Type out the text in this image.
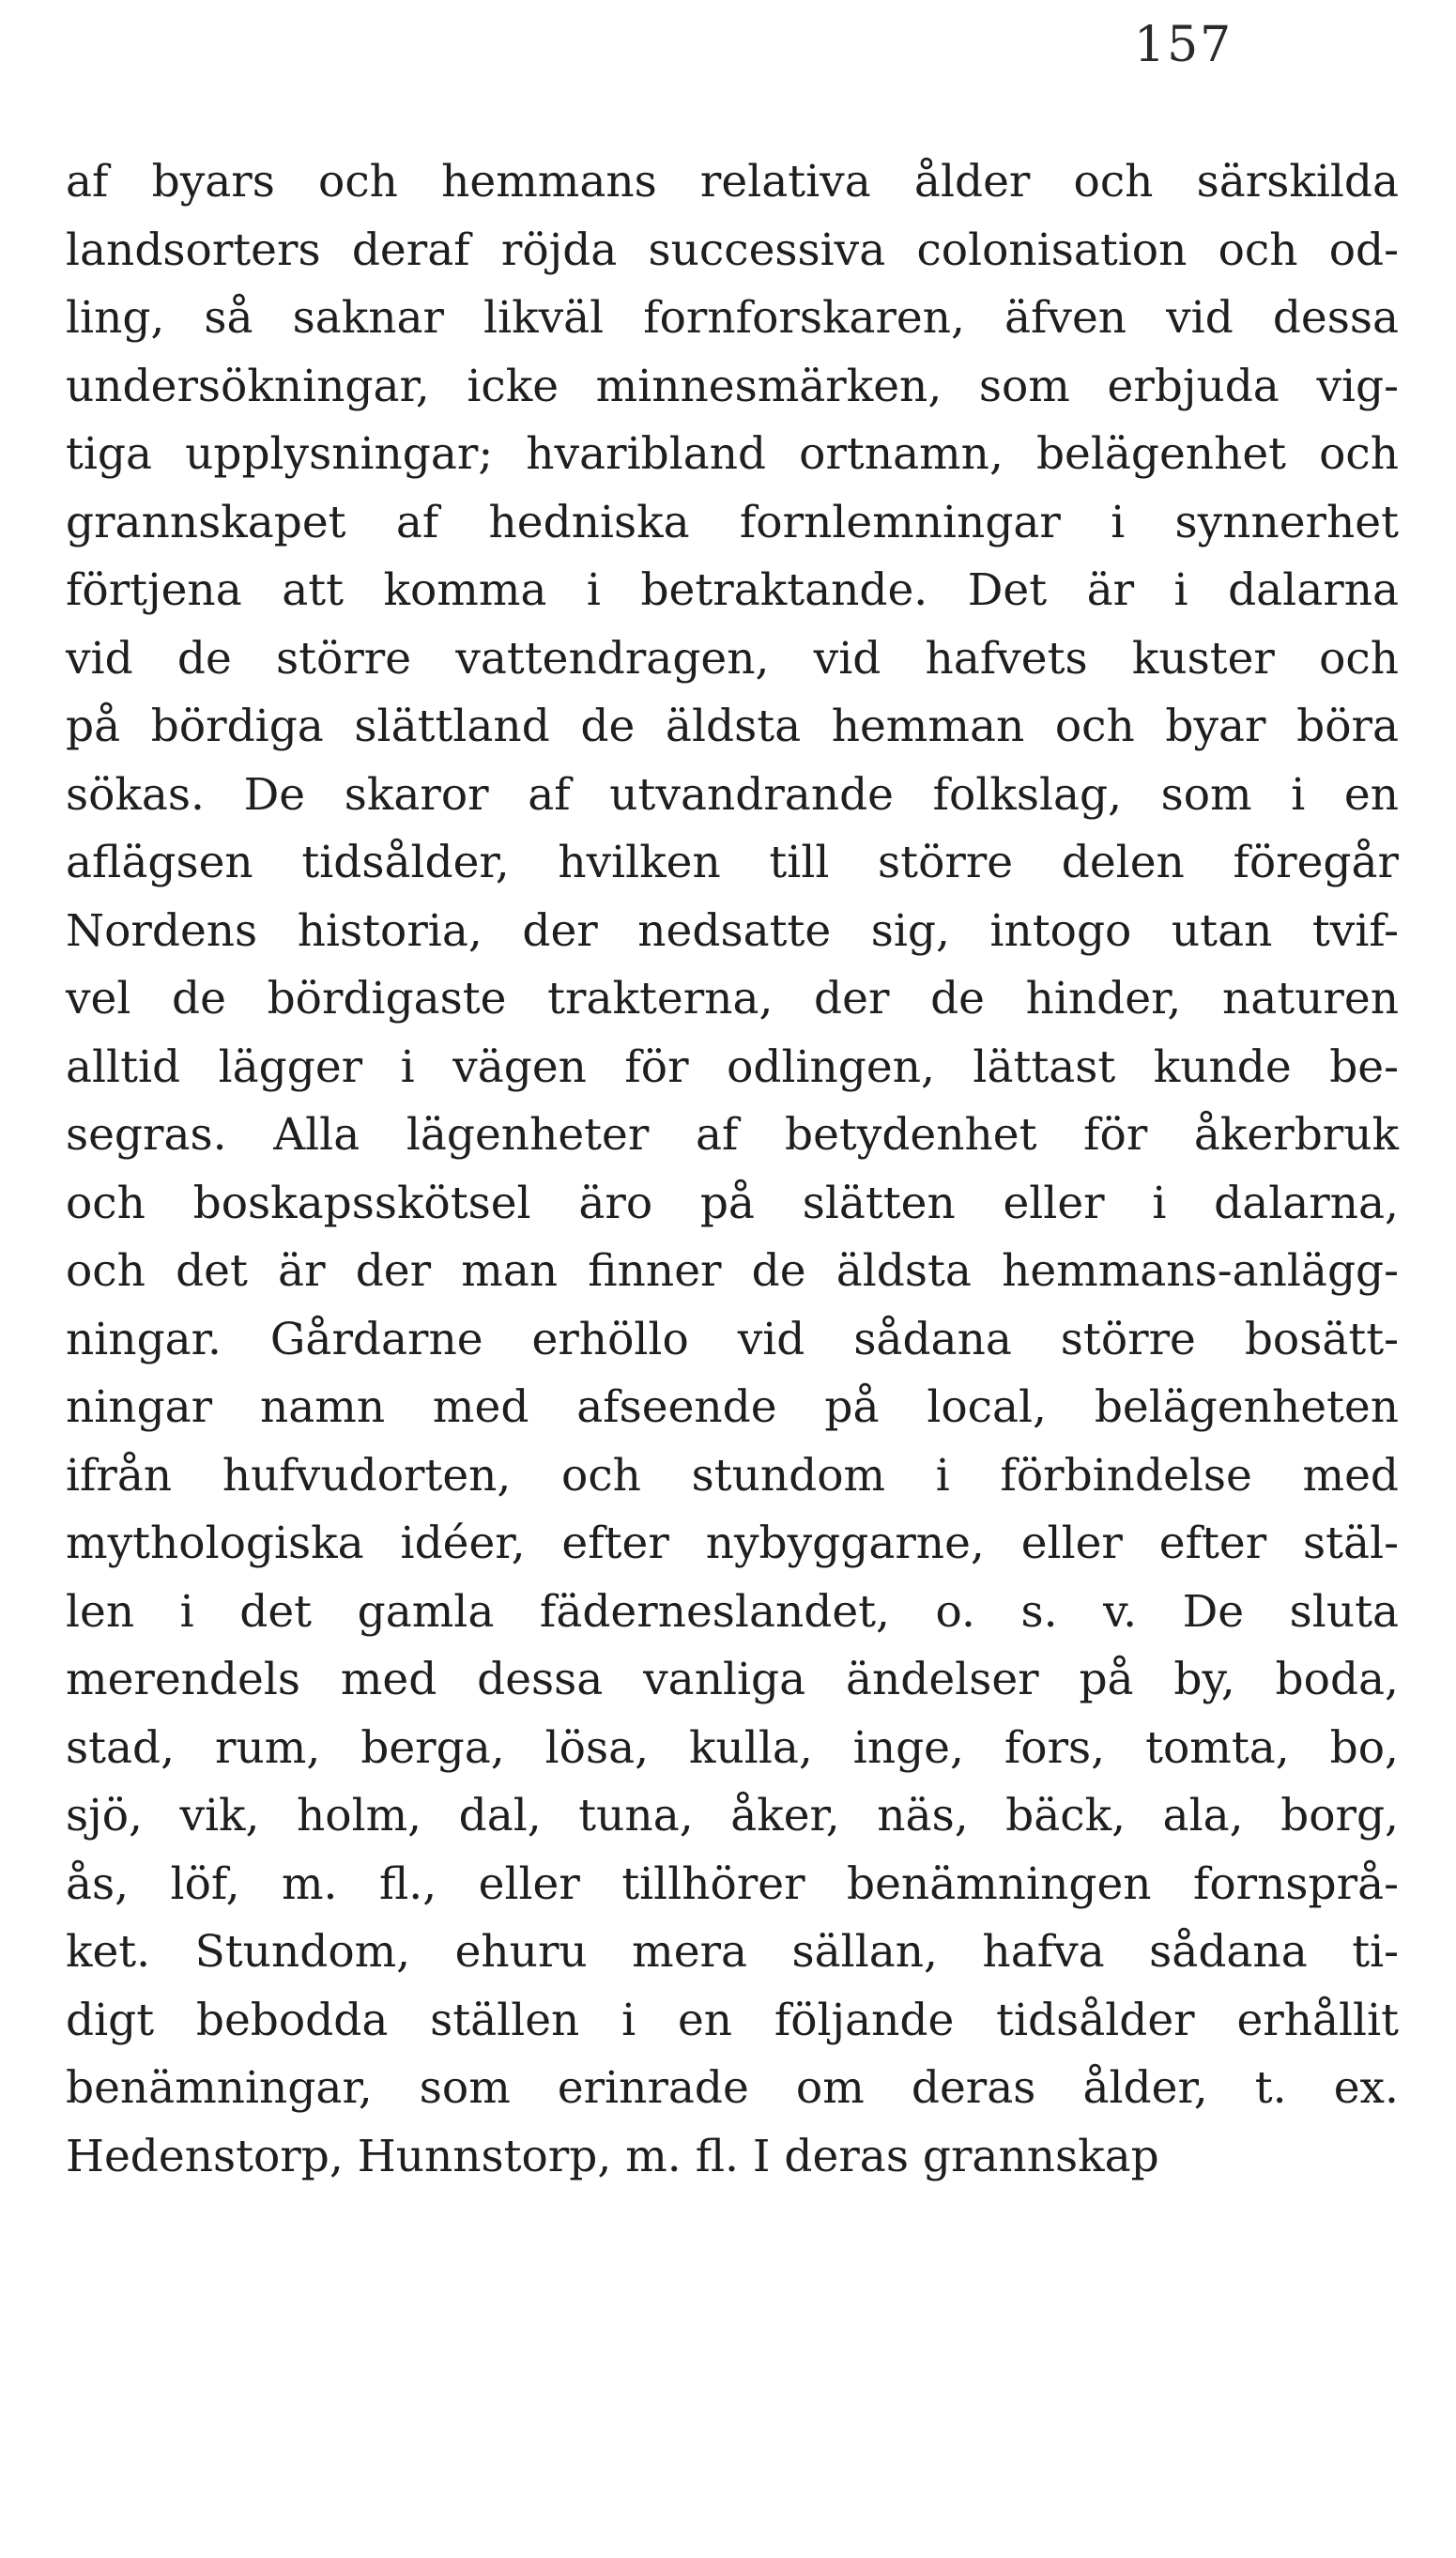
157
af byars och hemmans relativa ålder och särskilda
landsorters deraf röjda successiva colonisation och od-
ling, så saknar likväl fornforskaren, äfven vid dessa
undersökningar, icke minnesmärken, som erbjuda vig-
tiga upplysningar; hvaribland ortnamn, belägenhet och
grannskapet af hedniska fornlemningar i synnerhet
förtjena att komma i betraktande. Det är i dalarna
vid de större vattendragen, vid hafvets kuster och
på bördiga slättland de äldsta hemman och byar böra
sökas. De skaror af utvandrande folkslag, som i en
aflägsen tidsålder, hvilken till större delen föregår
Nordens historia, der nedsatte sig, intogo utan tvif-
vel de bördigaste trakterna, der de hinder, naturen
alltid lägger i vägen för odlingen, lättast kunde be-
segras. Alla lägenheter af betydenhet för åkerbruk
och boskapsskötsel äro på slätten eller i dalarna,
och det är der man finner de äldsta hemmans-anlägg-
ningar. Gårdarne erhöllo vid sådana större bosätt-
ningar namn med afseende på local, belägenheten
ifrån hufvudorten, och stundom i förbindelse med
mythologiska idéer, efter nybyggarne, eller efter stäl-
len i det gamla fäderneslandet, o. s. v. De sluta
merendels med dessa vanliga ändelser på by, boda,
stad, rum, berga, lösa, kulla, inge, fors, tomta, bo,
sjö, vik, holm, dal, tuna, åker, näs, bäck, ala, borg,
ås, löf, m. fl., eller tillhörer benämningen fornsprå-
ket. Stundom, ehuru mera sällan, hafva sådana ti-
digt bebodda ställen i en följande tidsålder erhållit
benämningar, som erinrade om deras ålder, t. ex.
Hedenstorp, Hunnstorp, m. fl. I deras grannskap
